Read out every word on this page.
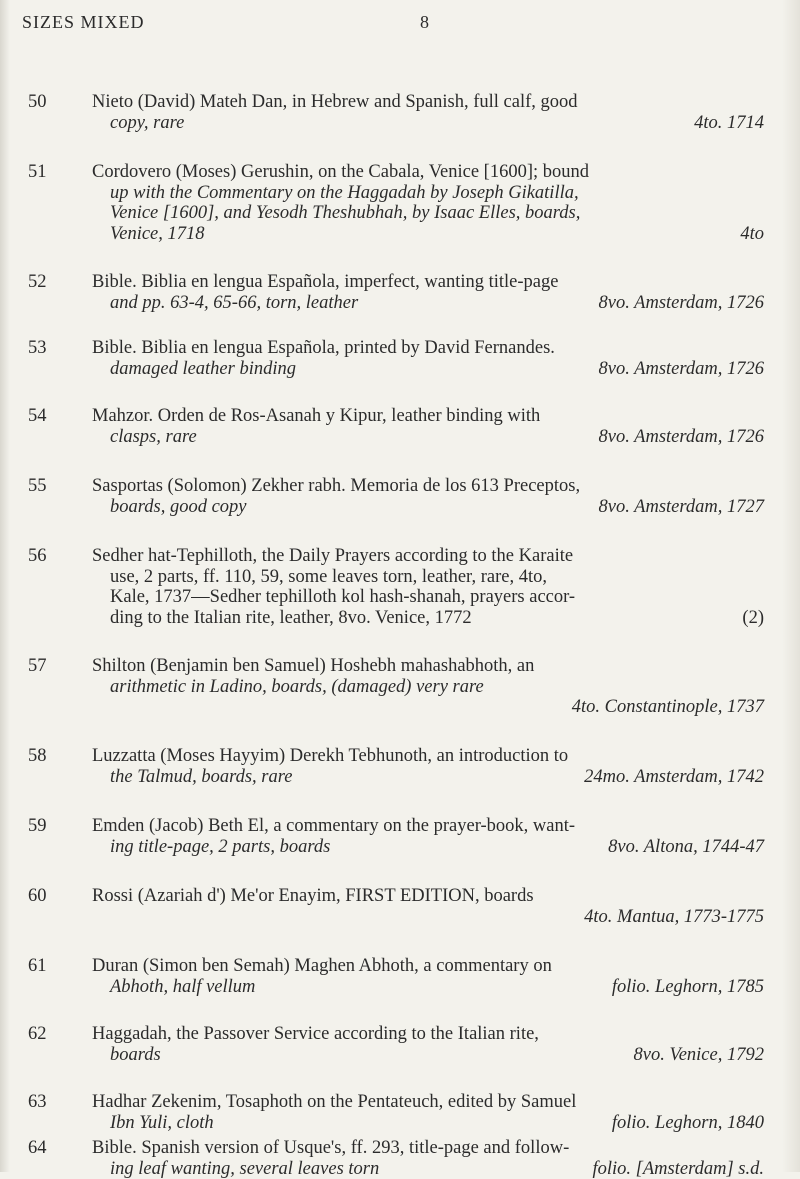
SIZES MIXED	8
50	Nieto (David) Mateh Dan, in Hebrew and Spanish, full calf, good
copy, rare	4to. 1714
51	Cordovero (Moses) Gerushin, on the Cabala, Venice [1600]; bound
up with the Commentary on the Haggadah by Joseph Gikatilla,
Venice [1600], and Yesodh Theshubhah, by Isaac Elles, boards,
Venice, 1718	4to
52	Bible. Biblia en lengua Española, imperfect, wanting title-page
and pp. 63-4, 65-66, torn, leather	8vo. Amsterdam, 1726
53	Bible. Biblia en lengua Española, printed by David Fernandes.
damaged leather binding	8vo. Amsterdam, 1726
54	Mahzor. Orden de Ros-Asanah y Kipur, leather binding with
clasps, rare	8vo. Amsterdam, 1726
55	Sasportas (Solomon) Zekher rabh. Memoria de los 613 Preceptos,
boards, good copy	8vo. Amsterdam, 1727
56	Sedher hat-Tephilloth, the Daily Prayers according to the Karaite
use, 2 parts, ff. 110, 59, some leaves torn, leather, rare, 4to,
Kale, 1737—Sedher tephilloth kol hash-shanah, prayers accor-
ding to the Italian rite, leather, 8vo. Venice, 1772	(2)
57	Shilton (Benjamin ben Samuel) Hoshebh mahashabhoth, an
arithmetic in Ladino, boards, (damaged) very rare
4to. Constantinople, 1737
58	Luzzatta (Moses Hayyim) Derekh Tebhunoth, an introduction to
the Talmud, boards, rare	24mo. Amsterdam, 1742
59	Emden (Jacob) Beth El, a commentary on the prayer-book, want-
ing title-page, 2 parts, boards	8vo. Altona, 1744-47
60	Rossi (Azariah d') Me'or Enayim, FIRST EDITION, boards
4to. Mantua, 1773-1775
61	Duran (Simon ben Semah) Maghen Abhoth, a commentary on
Abhoth, half vellum	folio. Leghorn, 1785
62	Haggadah, the Passover Service according to the Italian rite,
boards	8vo. Venice, 1792
63	Hadhar Zekenim, Tosaphoth on the Pentateuch, edited by Samuel
Ibn Yuli, cloth	folio. Leghorn, 1840
64	Bible. Spanish version of Usque's, ff. 293, title-page and follow-
ing leaf wanting, several leaves torn	folio. [Amsterdam] s.d.
